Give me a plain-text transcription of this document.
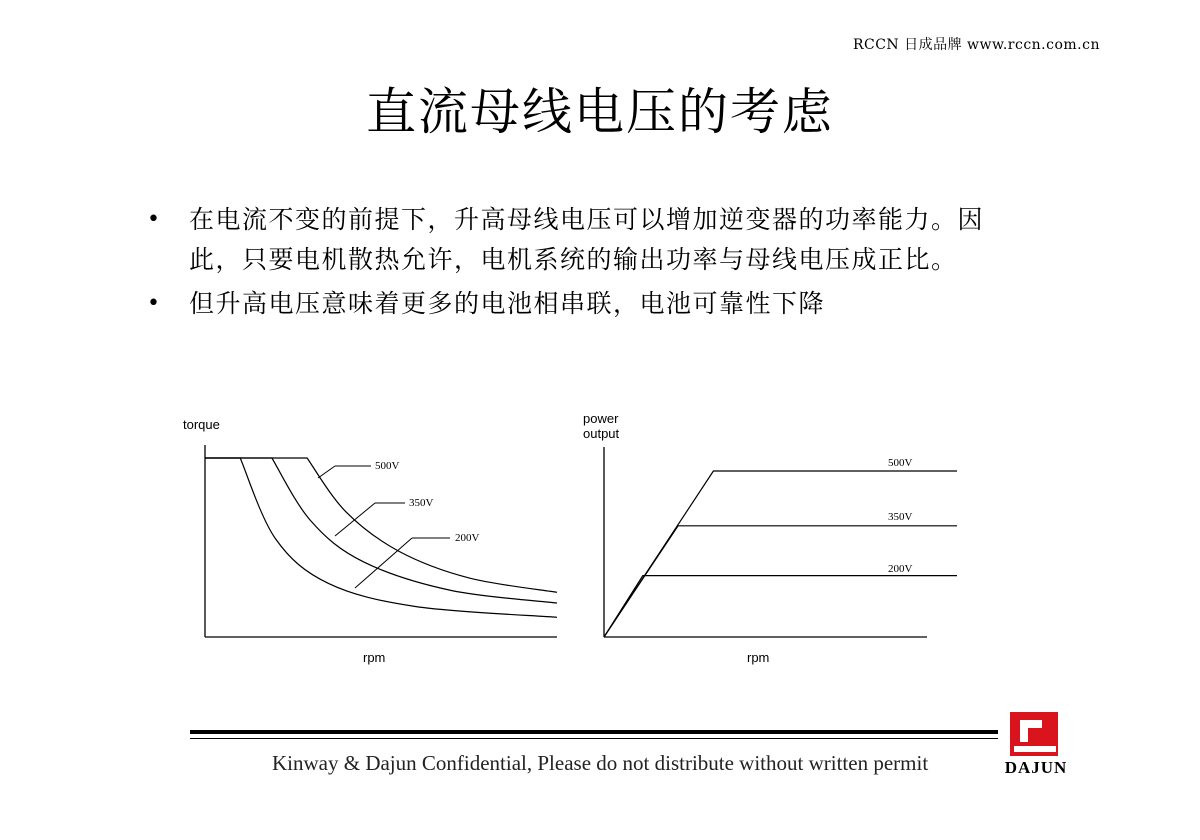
RCCN 日成品牌 www.rccn.com.cn
直流母线电压的考虑
• 在电流不变的前提下，升高母线电压可以增加逆变器的功率能力。因此，只要电机散热允许，电机系统的输出功率与母线电压成正比。
• 但升高电压意味着更多的电池相串联，电池可靠性下降
torque
rpm
500V
350V
200V
power output
rpm
500V
350V
200V
Kinway & Dajun Confidential, Please do not distribute without written permit	DAJUN
